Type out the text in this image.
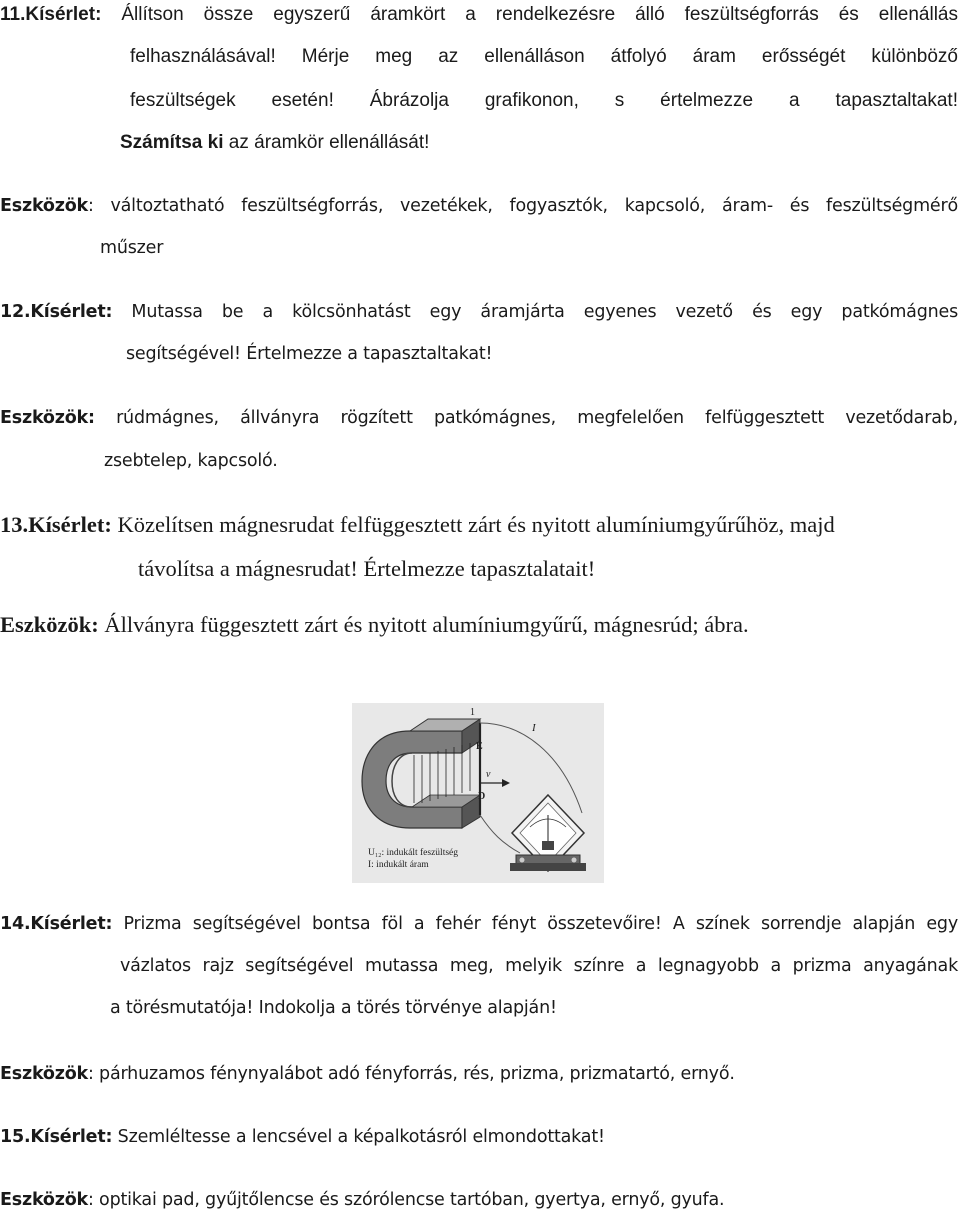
11.Kísérlet: Állítson össze egyszerű áramkört a rendelkezésre álló feszültségforrás és ellenállás
felhasználásával! Mérje meg az ellenálláson átfolyó áram erősségét különböző
feszültségek esetén! Ábrázolja grafikonon, s értelmezze a tapasztaltakat!
Számítsa ki az áramkör ellenállását!
Eszközök: változtatható feszültségforrás, vezetékek, fogyasztók, kapcsoló, áram- és feszültségmérő
műszer
12.Kísérlet: Mutassa be a kölcsönhatást egy áramjárta egyenes vezető és egy patkómágnes
segítségével! Értelmezze a tapasztaltakat!
Eszközök: rúdmágnes, állványra rögzített patkómágnes, megfelelően felfüggesztett vezetődarab,
zsebtelep, kapcsoló.
13.Kísérlet: Közelítsen mágnesrudat felfüggesztett zárt és nyitott alumíniumgyűrűhöz, majd
távolítsa a mágnesrudat! Értelmezze tapasztalatait!
Eszközök: Állványra függesztett zárt és nyitott alumíniumgyűrű, mágnesrúd; ábra.
1
I
É
v
D
U₁₂: indukált feszültség
I: indukált áram
14.Kísérlet: Prizma segítségével bontsa föl a fehér fényt összetevőire! A színek sorrendje alapján egy
vázlatos rajz segítségével mutassa meg, melyik színre a legnagyobb a prizma anyagának
a törésmutatója! Indokolja a törés törvénye alapján!
Eszközök: párhuzamos fénynyalábot adó fényforrás, rés, prizma, prizmatartó, ernyő.
15.Kísérlet: Szemléltesse a lencsével a képalkotásról elmondottakat!
Eszközök: optikai pad, gyűjtőlencse és szórólencse tartóban, gyertya, ernyő, gyufa.
